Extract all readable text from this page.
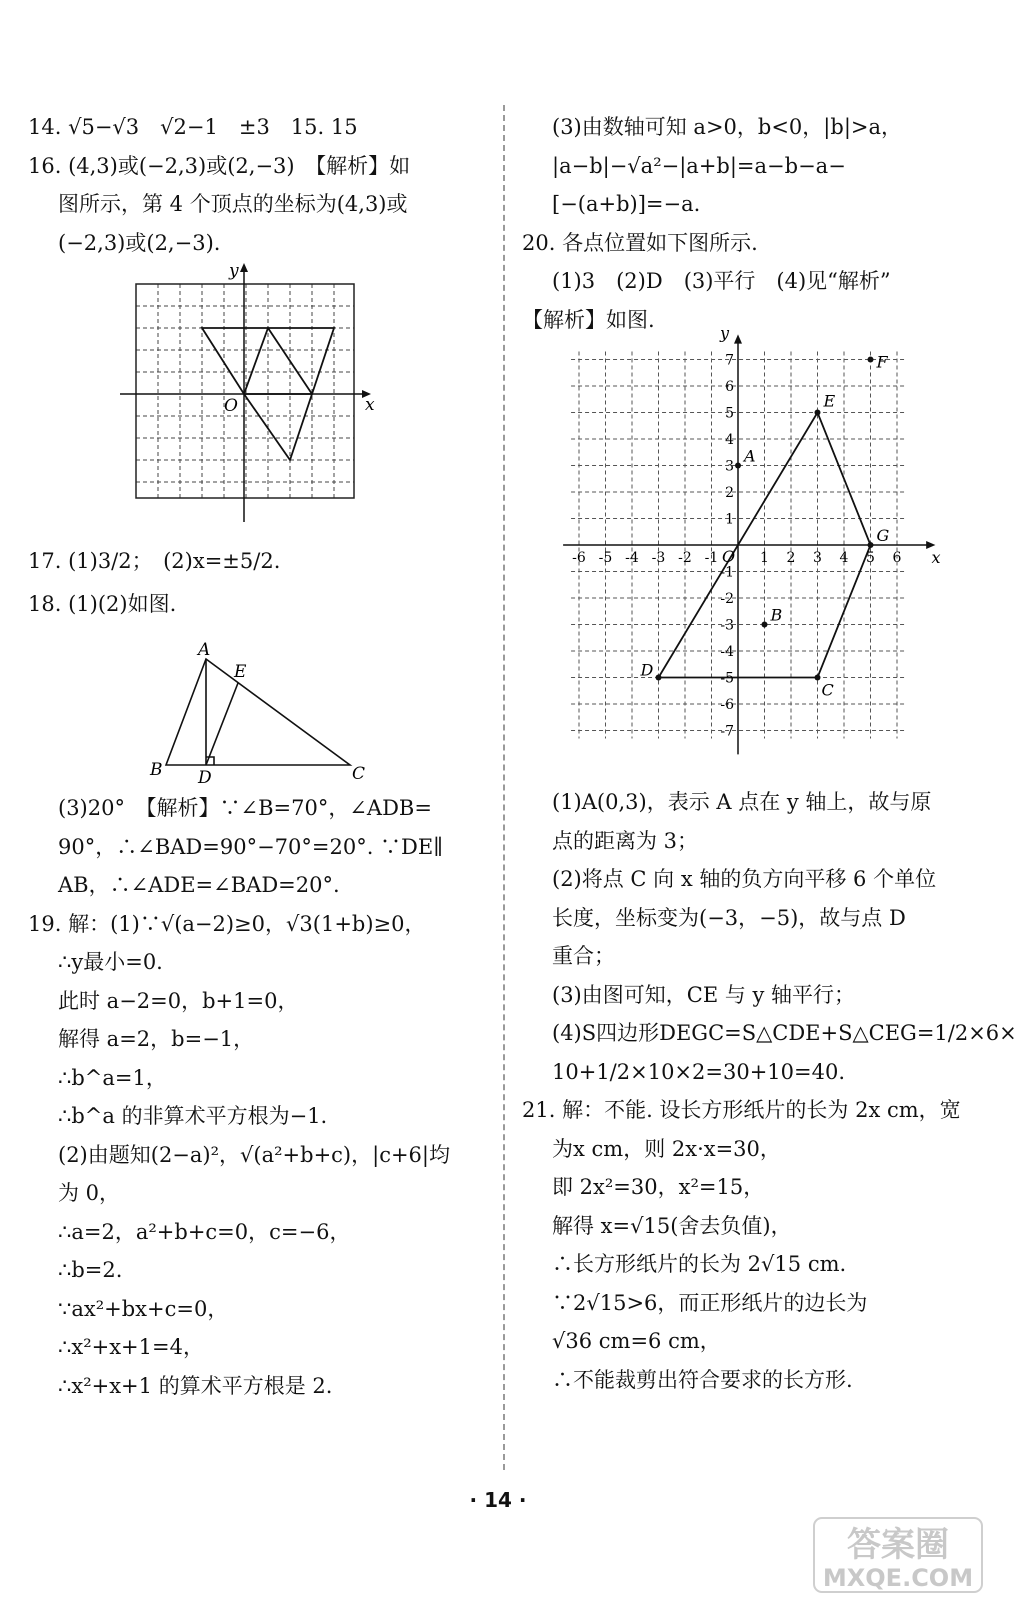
14. √5−√3　√2−1　±3　15. 15
16. (4,3)或(−2,3)或(2,−3)　【解析】如
图所示，第 4 个顶点的坐标为(4,3)或
(−2,3)或(2,−3).
x
y
O
17. (1)3/2；　(2)x=±5/2.
18. (1)(2)如图.
A
E
B D	C
(3)20°　【解析】∵∠B=70°，∠ADB=
90°，∴∠BAD=90°−70°=20°. ∵DE∥
AB，∴∠ADE=∠BAD=20°.
19. 解：(1)∵√(a−2)≥0，√3(1+b)≥0，
∴y最小=0.
此时 a−2=0，b+1=0，
解得 a=2，b=−1，
∴b^a=1，
∴b^a 的非算术平方根为−1.
(2)由题知(2−a)²，√(a²+b+c)，|c+6|均
为 0，
∴a=2，a²+b+c=0，c=−6，
∴b=2.
∵ax²+bx+c=0，
∴x²+x+1=4，
∴x²+x+1 的算术平方根是 2.
(3)由数轴可知 a>0，b<0，|b|>a，
|a−b|−√a²−|a+b|=a−b−a−
[−(a+b)]=−a.
20. 各点位置如下图所示.
(1)3　(2)D　(3)平行　(4)见“解析”
【解析】如图.
A
B
C
D
E
F
G
-6 -5 -4 -3 -2 -1	1 2 3 4 5 6
7
6
5
4
3
2
1
-1
-2
-3
-4
-5
-6
-7
x
y
O
(1)A(0,3)，表示 A 点在 y 轴上，故与原
点的距离为 3；
(2)将点 C 向 x 轴的负方向平移 6 个单位
长度，坐标变为(−3，−5)，故与点 D
重合；
(3)由图可知，CE 与 y 轴平行；
(4)S四边形DEGC=S△CDE+S△CEG=1/2×6×
10+1/2×10×2=30+10=40.
21. 解：不能. 设长方形纸片的长为 2x cm，宽
为x cm，则 2x·x=30，
即 2x²=30，x²=15，
解得 x=√15(舍去负值)，
∴长方形纸片的长为 2√15 cm.
∵2√15>6，而正形纸片的边长为
√36 cm=6 cm，
∴不能裁剪出符合要求的长方形.
· 14 ·
答案圈
MXQE.COM
